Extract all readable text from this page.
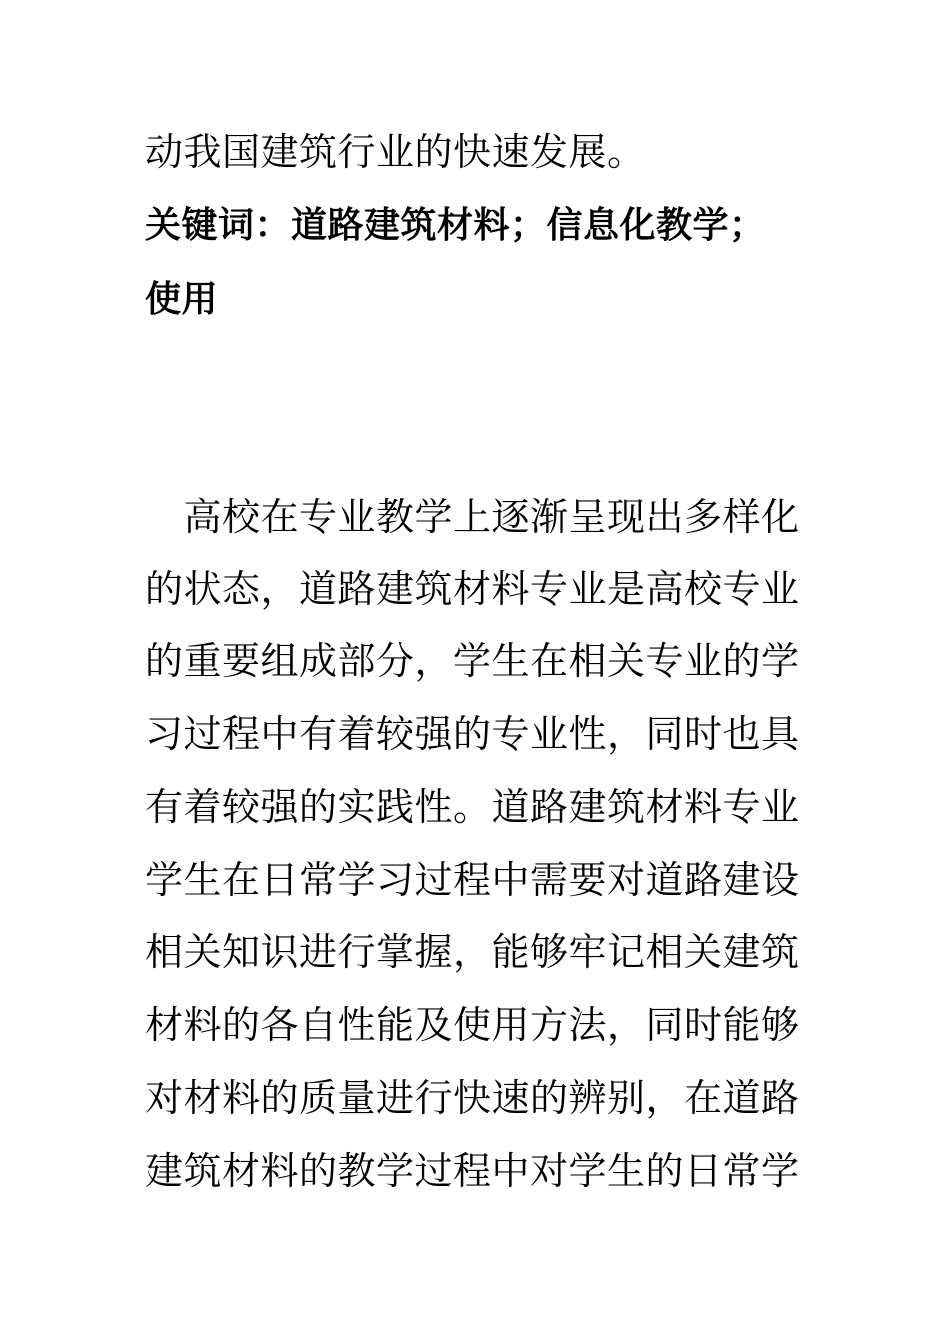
动我国建筑行业的快速发展。
关键词：道路建筑材料；信息化教学；
使用
　高校在专业教学上逐渐呈现出多样化
的状态，道路建筑材料专业是高校专业
的重要组成部分，学生在相关专业的学
习过程中有着较强的专业性，同时也具
有着较强的实践性。道路建筑材料专业
学生在日常学习过程中需要对道路建设
相关知识进行掌握，能够牢记相关建筑
材料的各自性能及使用方法，同时能够
对材料的质量进行快速的辨别，在道路
建筑材料的教学过程中对学生的日常学
